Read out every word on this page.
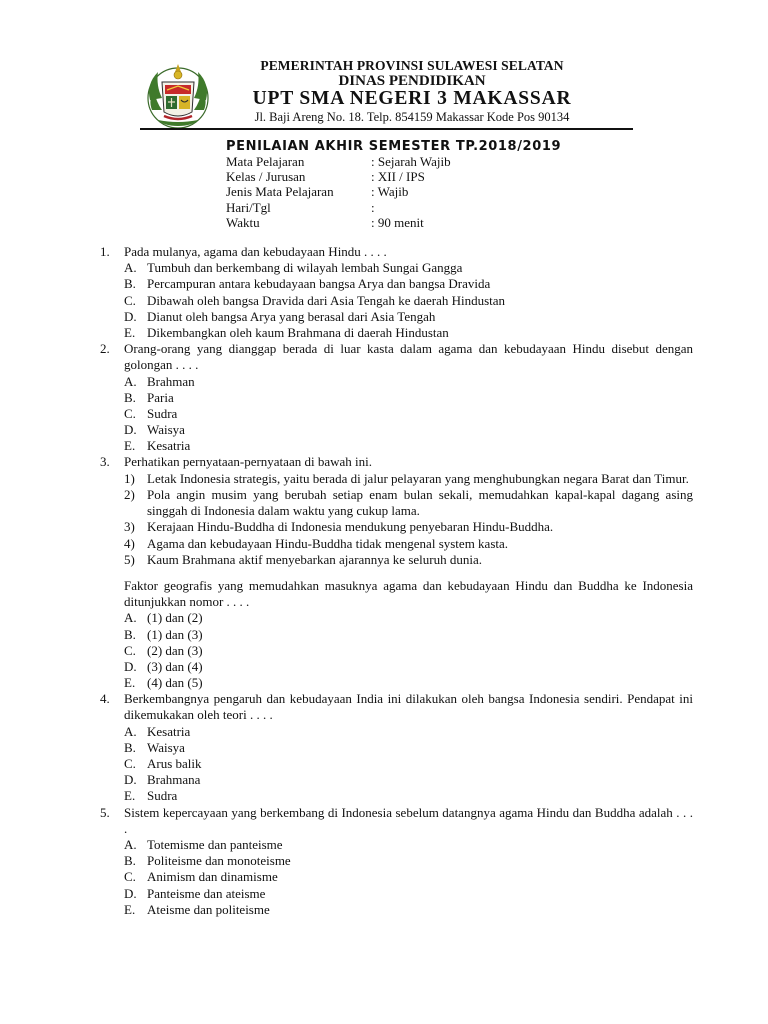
PEMERINTAH PROVINSI SULAWESI SELATAN
DINAS PENDIDIKAN
UPT SMA NEGERI 3 MAKASSAR
Jl. Baji Areng No. 18. Telp. 854159 Makassar Kode Pos 90134
PENILAIAN AKHIR SEMESTER TP.2018/2019
Mata Pelajaran	: Sejarah Wajib
Kelas / Jurusan	: XII / IPS
Jenis Mata Pelajaran	: Wajib
Hari/Tgl	:
Waktu	: 90 menit
1.	Pada mulanya, agama dan kebudayaan Hindu . . . .
A. Tumbuh dan berkembang di wilayah lembah Sungai Gangga
B. Percampuran antara kebudayaan bangsa Arya dan bangsa Dravida
C. Dibawah oleh bangsa Dravida dari Asia Tengah ke daerah Hindustan
D. Dianut oleh bangsa Arya yang berasal dari Asia Tengah
E. Dikembangkan oleh kaum Brahmana di daerah Hindustan
2.	Orang-orang yang dianggap berada di luar kasta dalam agama dan kebudayaan Hindu disebut dengan golongan . . . .
A. Brahman
B. Paria
C. Sudra
D. Waisya
E. Kesatria
3.	Perhatikan pernyataan-pernyataan di bawah ini.
1) Letak Indonesia strategis, yaitu berada di jalur pelayaran yang menghubungkan negara Barat dan Timur.
2) Pola angin musim yang berubah setiap enam bulan sekali, memudahkan kapal-kapal dagang asing singgah di Indonesia dalam waktu yang cukup lama.
3) Kerajaan Hindu-Buddha di Indonesia mendukung penyebaran Hindu-Buddha.
4) Agama dan kebudayaan Hindu-Buddha tidak mengenal system kasta.
5) Kaum Brahmana aktif menyebarkan ajarannya ke seluruh dunia.
Faktor geografis yang memudahkan masuknya agama dan kebudayaan Hindu dan Buddha ke Indonesia ditunjukkan nomor . . . .
A. (1) dan (2)
B. (1) dan (3)
C. (2) dan (3)
D. (3) dan (4)
E. (4) dan (5)
4.	Berkembangnya pengaruh dan kebudayaan India ini dilakukan oleh bangsa Indonesia sendiri. Pendapat ini dikemukakan oleh teori . . . .
A. Kesatria
B. Waisya
C. Arus balik
D. Brahmana
E. Sudra
5.	Sistem kepercayaan yang berkembang di Indonesia sebelum datangnya agama Hindu dan Buddha adalah . . . .
A. Totemisme dan panteisme
B. Politeisme dan monoteisme
C. Animism dan dinamisme
D. Panteisme dan ateisme
E. Ateisme dan politeisme
